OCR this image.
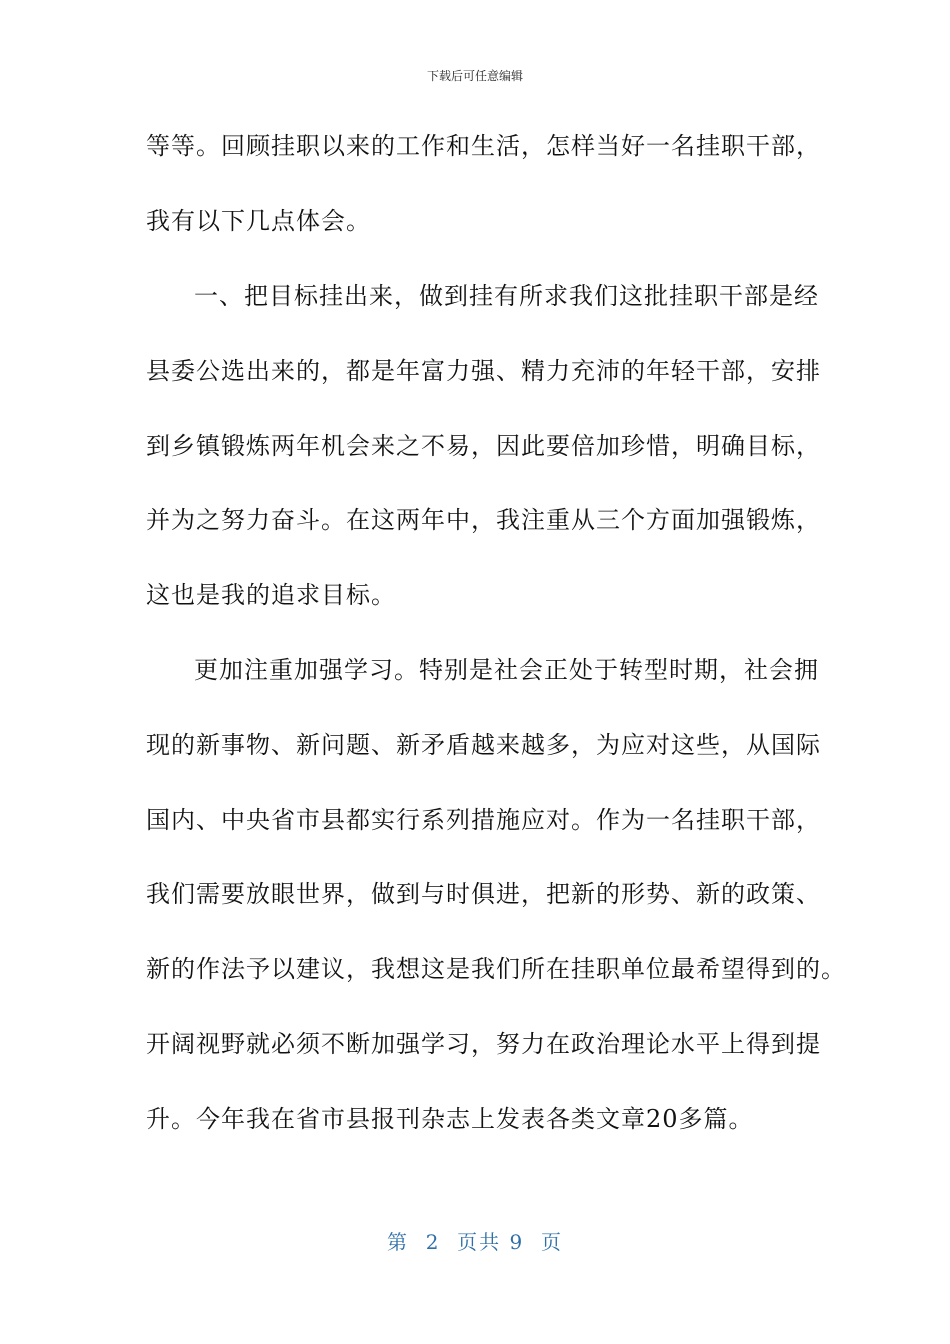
下载后可任意编辑
等等。回顾挂职以来的工作和生活，怎样当好一名挂职干部，
我有以下几点体会。
一、把目标挂出来，做到挂有所求我们这批挂职干部是经
县委公选出来的，都是年富力强、精力充沛的年轻干部，安排
到乡镇锻炼两年机会来之不易，因此要倍加珍惜，明确目标，
并为之努力奋斗。在这两年中，我注重从三个方面加强锻炼，
这也是我的追求目标。
更加注重加强学习。特别是社会正处于转型时期，社会拥
现的新事物、新问题、新矛盾越来越多，为应对这些，从国际
国内、中央省市县都实行系列措施应对。作为一名挂职干部，
我们需要放眼世界，做到与时俱进，把新的形势、新的政策、
新的作法予以建议，我想这是我们所在挂职单位最希望得到的。
开阔视野就必须不断加强学习，努力在政治理论水平上得到提
升。今年我在省市县报刊杂志上发表各类文章20多篇。
第  2  页共 9  页
